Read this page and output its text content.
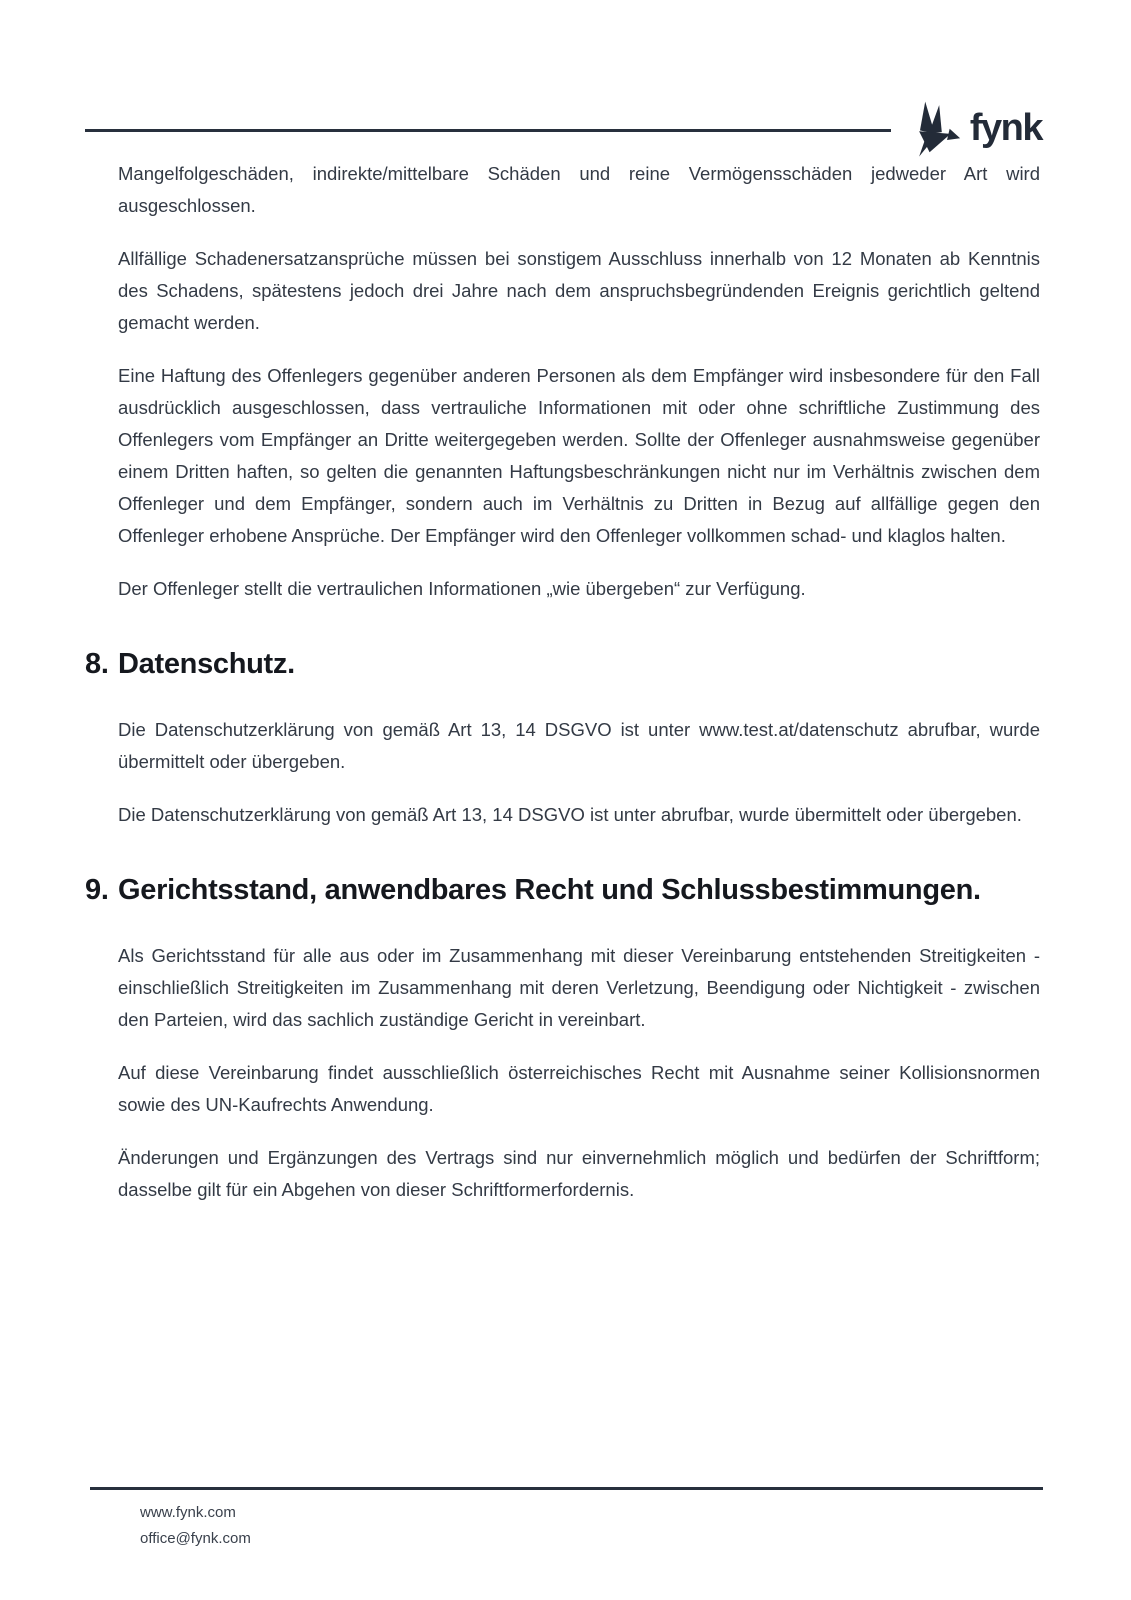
fynk

Mangelfolgeschäden, indirekte/mittelbare Schäden und reine Vermögensschäden jedweder Art wird ausgeschlossen.

Allfällige Schadenersatzansprüche müssen bei sonstigem Ausschluss innerhalb von 12 Monaten ab Kenntnis des Schadens, spätestens jedoch drei Jahre nach dem anspruchsbegründenden Ereignis gerichtlich geltend gemacht werden.

Eine Haftung des Offenlegers gegenüber anderen Personen als dem Empfänger wird insbesondere für den Fall ausdrücklich ausgeschlossen, dass vertrauliche Informationen mit oder ohne schriftliche Zustimmung des Offenlegers vom Empfänger an Dritte weitergegeben werden. Sollte der Offenleger ausnahmsweise gegenüber einem Dritten haften, so gelten die genannten Haftungsbeschränkungen nicht nur im Verhältnis zwischen dem Offenleger und dem Empfänger, sondern auch im Verhältnis zu Dritten in Bezug auf allfällige gegen den Offenleger erhobene Ansprüche. Der Empfänger wird den Offenleger vollkommen schad- und klaglos halten.

Der Offenleger stellt die vertraulichen Informationen „wie übergeben“ zur Verfügung.

8. Datenschutz.

Die Datenschutzerklärung von gemäß Art 13, 14 DSGVO ist unter www.test.at/datenschutz abrufbar, wurde übermittelt oder übergeben.

Die Datenschutzerklärung von gemäß Art 13, 14 DSGVO ist unter abrufbar, wurde übermittelt oder übergeben.

9. Gerichtsstand, anwendbares Recht und Schlussbestimmungen.

Als Gerichtsstand für alle aus oder im Zusammenhang mit dieser Vereinbarung entstehenden Streitigkeiten - einschließlich Streitigkeiten im Zusammenhang mit deren Verletzung, Beendigung oder Nichtigkeit - zwischen den Parteien, wird das sachlich zuständige Gericht in vereinbart.

Auf diese Vereinbarung findet ausschließlich österreichisches Recht mit Ausnahme seiner Kollisionsnormen sowie des UN-Kaufrechts Anwendung.

Änderungen und Ergänzungen des Vertrags sind nur einvernehmlich möglich und bedürfen der Schriftform; dasselbe gilt für ein Abgehen von dieser Schriftformerfordernis.

www.fynk.com
office@fynk.com
